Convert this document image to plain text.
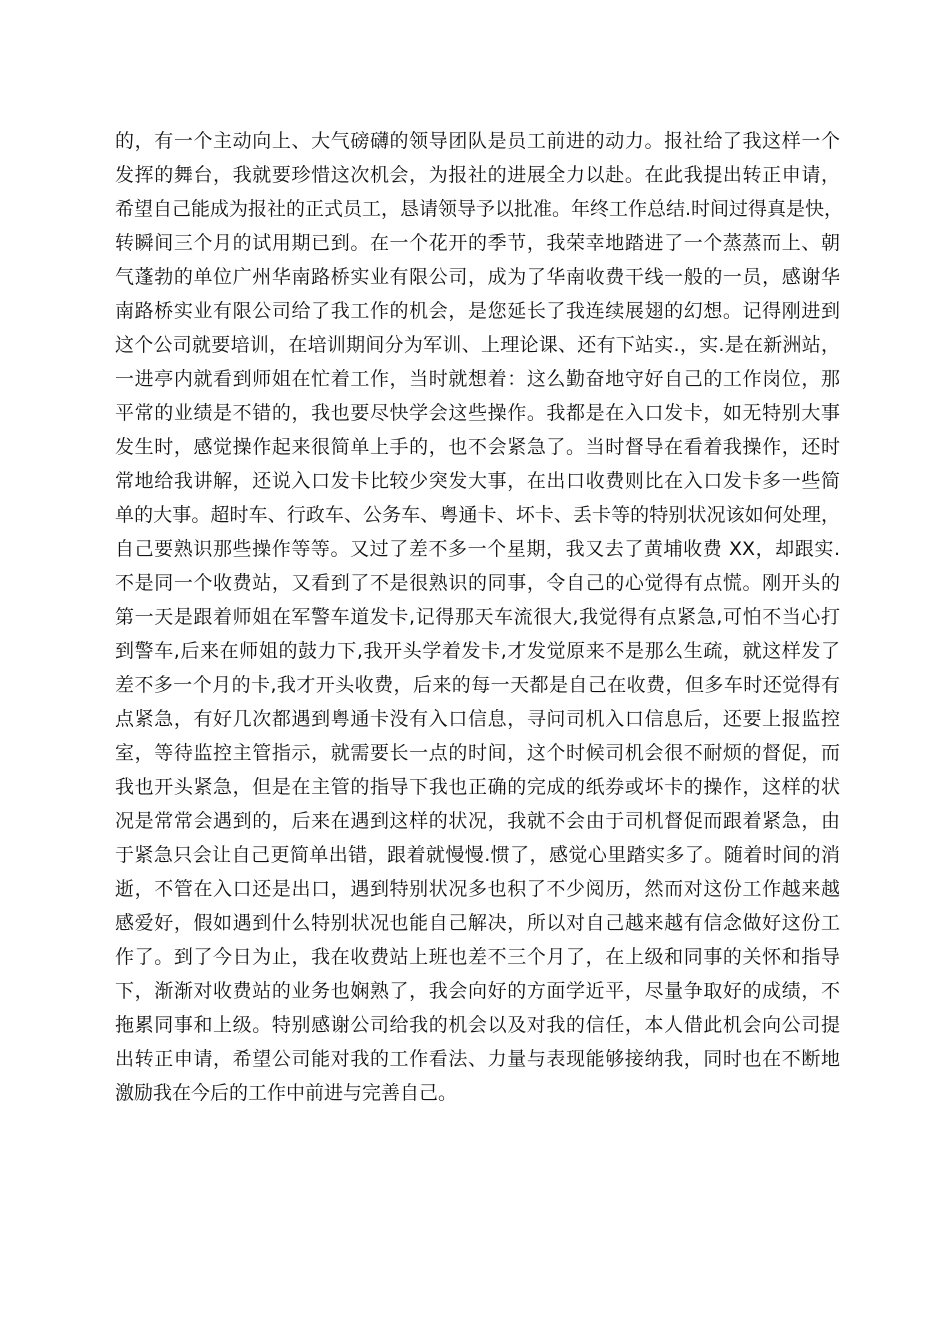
的，有一个主动向上、大气磅礴的领导团队是员工前进的动力。报社给了我这样一个
发挥的舞台，我就要珍惜这次机会，为报社的进展全力以赴。在此我提出转正申请，
希望自己能成为报社的正式员工，恳请领导予以批准。年终工作总结.时间过得真是快，
转瞬间三个月的试用期已到。在一个花开的季节，我荣幸地踏进了一个蒸蒸而上、朝
气蓬勃的单位广州华南路桥实业有限公司，成为了华南收费干线一般的一员，感谢华
南路桥实业有限公司给了我工作的机会，是您延长了我连续展翅的幻想。记得刚进到
这个公司就要培训，在培训期间分为军训、上理论课、还有下站实.，实.是在新洲站，
一进亭内就看到师姐在忙着工作，当时就想着：这么勤奋地守好自己的工作岗位，那
平常的业绩是不错的，我也要尽快学会这些操作。我都是在入口发卡，如无特别大事
发生时，感觉操作起来很简单上手的，也不会紧急了。当时督导在看着我操作，还时
常地给我讲解，还说入口发卡比较少突发大事，在出口收费则比在入口发卡多一些简
单的大事。超时车、行政车、公务车、粤通卡、坏卡、丢卡等的特别状况该如何处理，
自己要熟识那些操作等等。又过了差不多一个星期，我又去了黄埔收费 XX，却跟实.
不是同一个收费站，又看到了不是很熟识的同事，令自己的心觉得有点慌。刚开头的
第一天是跟着师姐在军警车道发卡,记得那天车流很大,我觉得有点紧急,可怕不当心打
到警车,后来在师姐的鼓力下,我开头学着发卡,才发觉原来不是那么生疏，就这样发了
差不多一个月的卡,我才开头收费，后来的每一天都是自己在收费，但多车时还觉得有
点紧急，有好几次都遇到粤通卡没有入口信息，寻问司机入口信息后，还要上报监控
室，等待监控主管指示，就需要长一点的时间，这个时候司机会很不耐烦的督促，而
我也开头紧急，但是在主管的指导下我也正确的完成的纸券或坏卡的操作，这样的状
况是常常会遇到的，后来在遇到这样的状况，我就不会由于司机督促而跟着紧急，由
于紧急只会让自己更简单出错，跟着就慢慢.惯了，感觉心里踏实多了。随着时间的消
逝，不管在入口还是出口，遇到特别状况多也积了不少阅历，然而对这份工作越来越
感爱好，假如遇到什么特别状况也能自己解决，所以对自己越来越有信念做好这份工
作了。到了今日为止，我在收费站上班也差不三个月了，在上级和同事的关怀和指导
下，渐渐对收费站的业务也娴熟了，我会向好的方面学近平，尽量争取好的成绩，不
拖累同事和上级。特别感谢公司给我的机会以及对我的信任，本人借此机会向公司提
出转正申请，希望公司能对我的工作看法、力量与表现能够接纳我，同时也在不断地
激励我在今后的工作中前进与完善自己。
